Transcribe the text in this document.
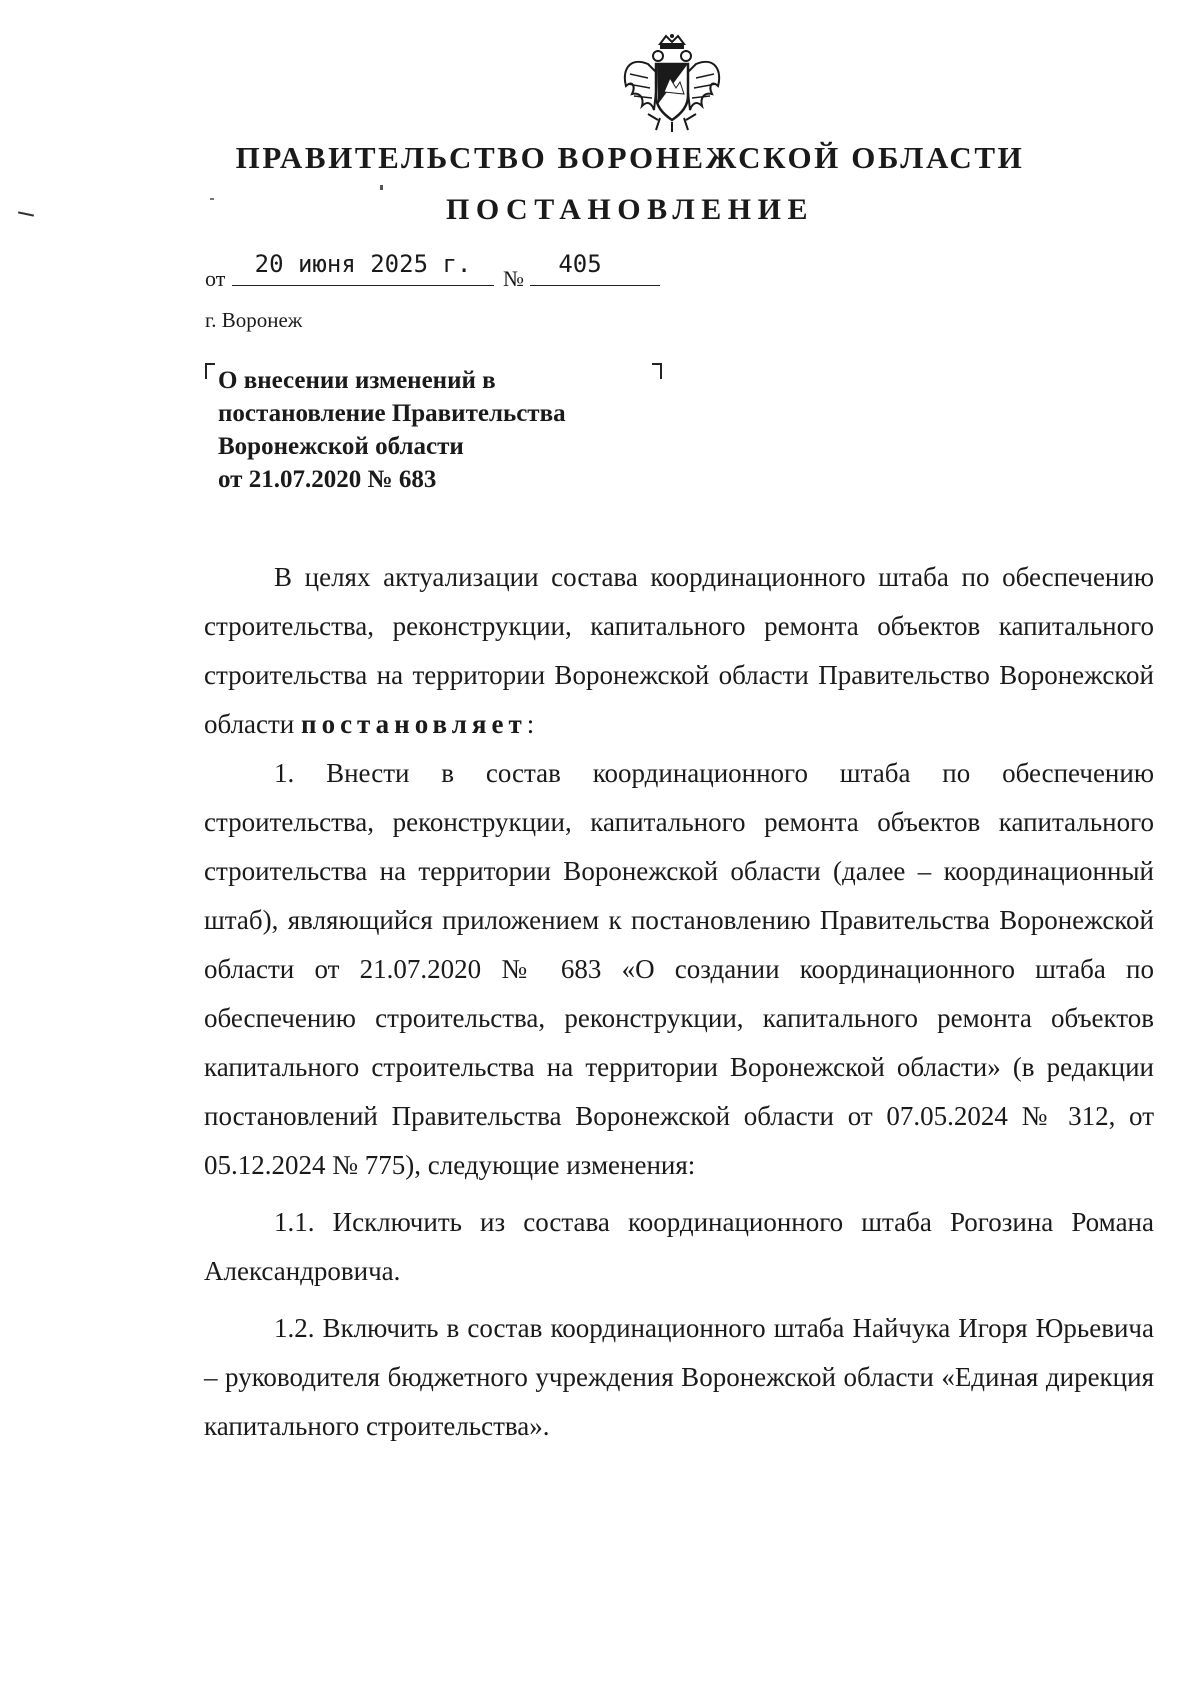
ПРАВИТЕЛЬСТВО ВОРОНЕЖСКОЙ ОБЛАСТИ
ПОСТАНОВЛЕНИЕ
от
20 июня 2025 г.
№
405
г. Воронеж
О внесении изменений в
постановление Правительства
Воронежской области
от 21.07.2020 № 683

В целях актуализации состава координационного штаба по обеспечению строительства, реконструкции, капитального ремонта объектов капитального строительства на территории Воронежской области Правительство Воронежской области постановляет:

1. Внести в состав координационного штаба по обеспечению строительства, реконструкции, капитального ремонта объектов капитального строительства на территории Воронежской области (далее – координационный штаб), являющийся приложением к постановлению Правительства Воронежской области от 21.07.2020 № 683 «О создании координационного штаба по обеспечению строительства, реконструкции, капитального ремонта объектов капитального строительства на территории Воронежской области» (в редакции постановлений Правительства Воронежской области от 07.05.2024 № 312, от 05.12.2024 № 775), следующие изменения:

1.1. Исключить из состава координационного штаба Рогозина Романа Александровича.

1.2. Включить в состав координационного штаба Найчука Игоря Юрьевича – руководителя бюджетного учреждения Воронежской области «Единая дирекция капитального строительства».
